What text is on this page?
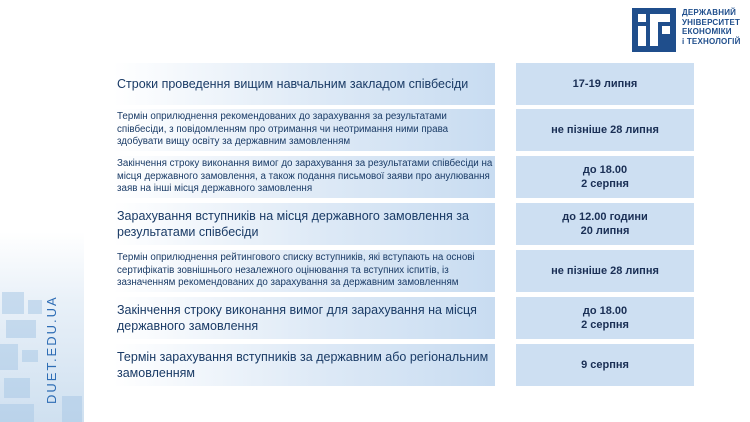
DUET.EDU.UA
ДЕРЖАВНИЙ
УНІВЕРСИТЕТ
ЕКОНОМІКИ
і ТЕХНОЛОГІЙ
Строки проведення вищим навчальним закладом співбесіди	17-19 липня
Термін оприлюднення рекомендованих до зарахування за результатами співбесіди, з повідомленням про отримання чи неотримання ними права здобувати вищу освіту за державним замовленням
не пізніше 28 липня
Закінчення строку виконання вимог до зарахування за результатами співбесіди на місця державного замовлення, а також подання письмової заяви про анулювання заяв на інші місця державного замовлення
до 18.00
2 серпня
Зарахування вступників на місця державного замовлення за результатами співбесіди
до 12.00 години
20 липня
Термін оприлюднення рейтингового списку вступників, які вступають на основі сертифікатів зовнішнього незалежного оцінювання та вступних іспитів, із зазначенням рекомендованих до зарахування за державним замовленням
не пізніше 28 липня
Закінчення строку виконання вимог для зарахування на місця державного замовлення
до 18.00
2 серпня
Термін зарахування вступників за державним або регіональним замовленням
9 серпня
